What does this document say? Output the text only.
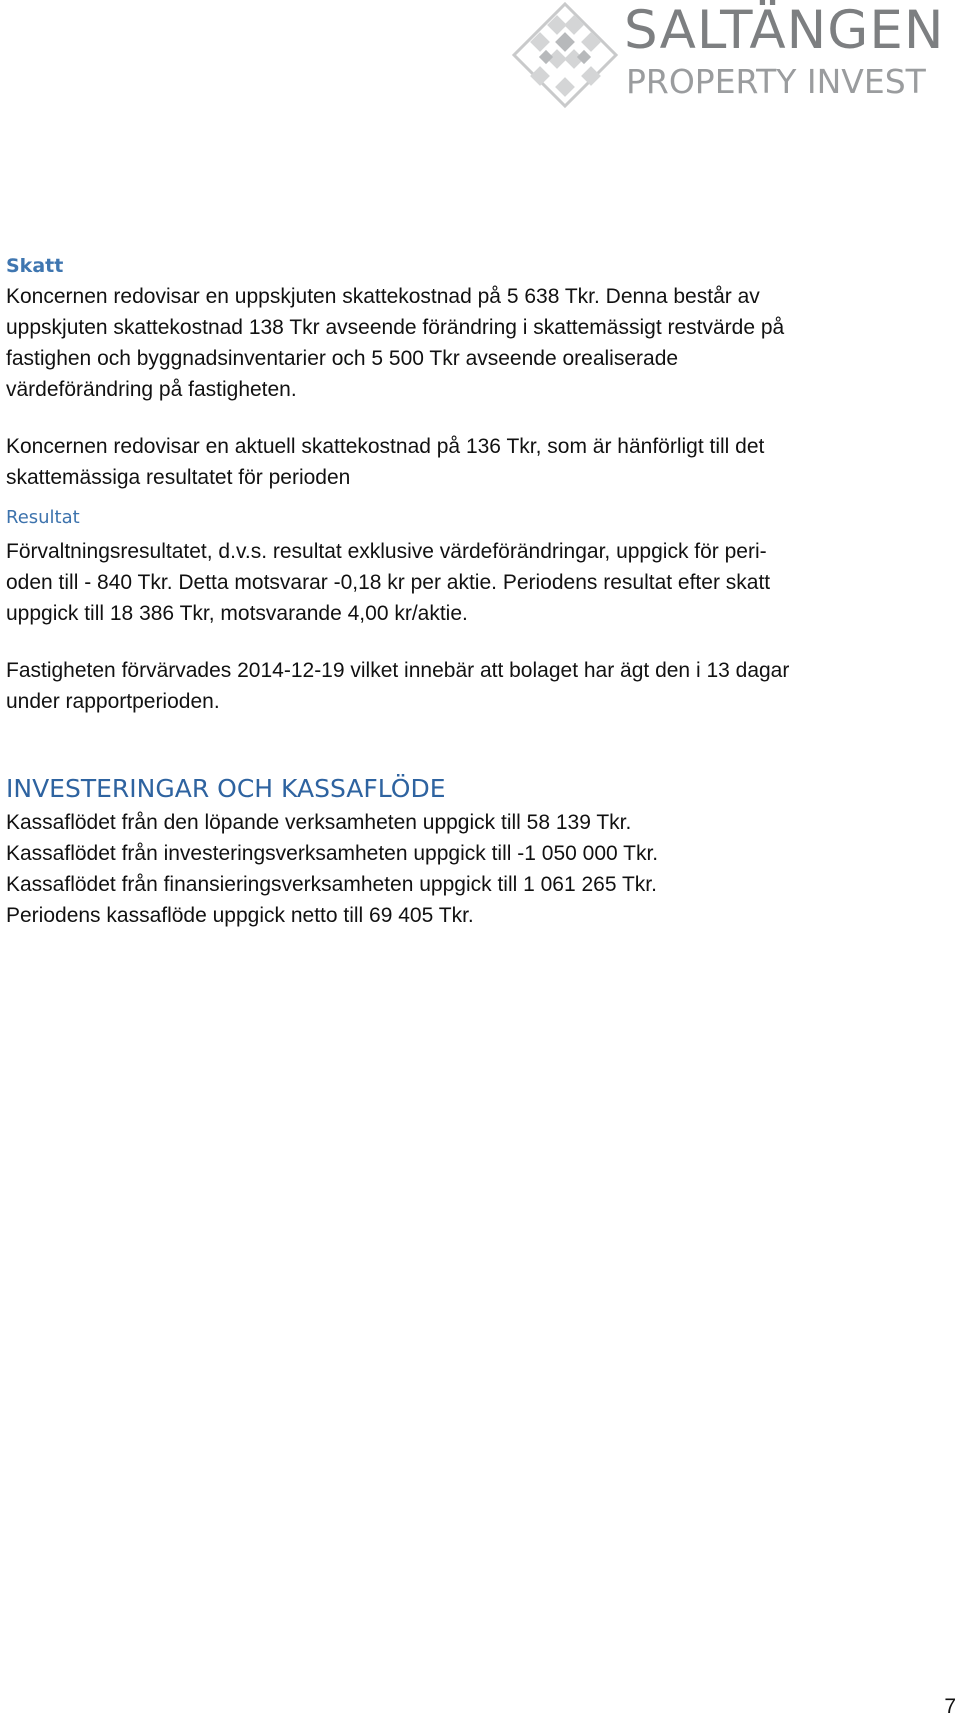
SALTÄNGEN
PROPERTY INVEST
Skatt

Koncernen redovisar en uppskjuten skattekostnad på 5 638 Tkr. Denna består av
uppskjuten skattekostnad 138 Tkr avseende förändring i skattemässigt restvärde på
fastighen och byggnadsinventarier och 5 500 Tkr avseende orealiserade
värdeförändring på fastigheten.

Koncernen redovisar en aktuell skattekostnad på 136 Tkr, som är hänförligt till det
skattemässiga resultatet för perioden

Resultat

Förvaltningsresultatet, d.v.s. resultat exklusive värdeförändringar, uppgick för peri-
oden till - 840 Tkr. Detta motsvarar -0,18 kr per aktie. Periodens resultat efter skatt
uppgick till 18 386 Tkr, motsvarande 4,00 kr/aktie.

Fastigheten förvärvades 2014-12-19 vilket innebär att bolaget har ägt den i 13 dagar
under rapportperioden.

INVESTERINGAR OCH KASSAFLÖDE

Kassaflödet från den löpande verksamheten uppgick till 58 139 Tkr.
Kassaflödet från investeringsverksamheten uppgick till -1 050 000 Tkr.
Kassaflödet från finansieringsverksamheten uppgick till 1 061 265 Tkr.
Periodens kassaflöde uppgick netto till 69 405 Tkr.

7
